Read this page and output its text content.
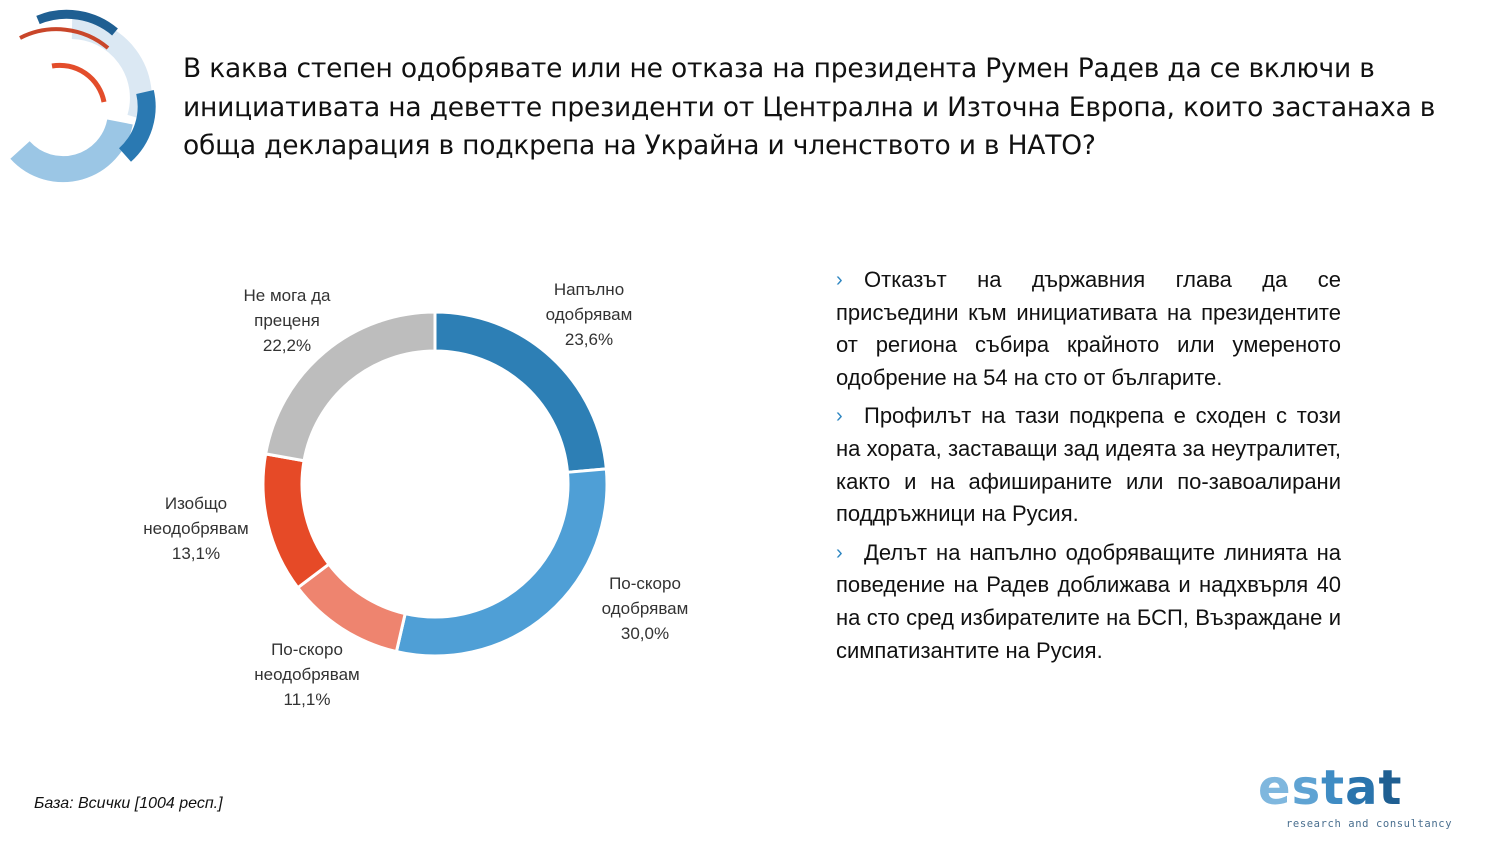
В каква степен одобрявате или не отказа на президента Румен Радев да се включи в инициативата на деветте президенти от Централна и Източна Европа, които застанаха в обща декларация в подкрепа на Украйна и членството и в НАТО?
Напълно
одобрявам
23,6%
По-скоро
одобрявам
30,0%
По-скоро
неодобрявам
11,1%
Изобщо
неодобрявам
13,1%
Не мога да
преценя
22,2%
› Отказът на държавния глава да се присъедини към инициативата на президентите от региона събира крайното или умереното одобрение на 54 на сто от българите.
› Профилът на тази подкрепа е сходен с този на хората, заставащи зад идеята за неутралитет, както и на афишираните или по-завоалирани поддръжници на Русия.
› Делът на напълно одобряващите линията на поведение на Радев доближава и надхвърля 40 на сто сред избирателите на БСП, Възраждане и симпатизантите на Русия.
База: Всички [1004 респ.]	estat
research and consultancy
